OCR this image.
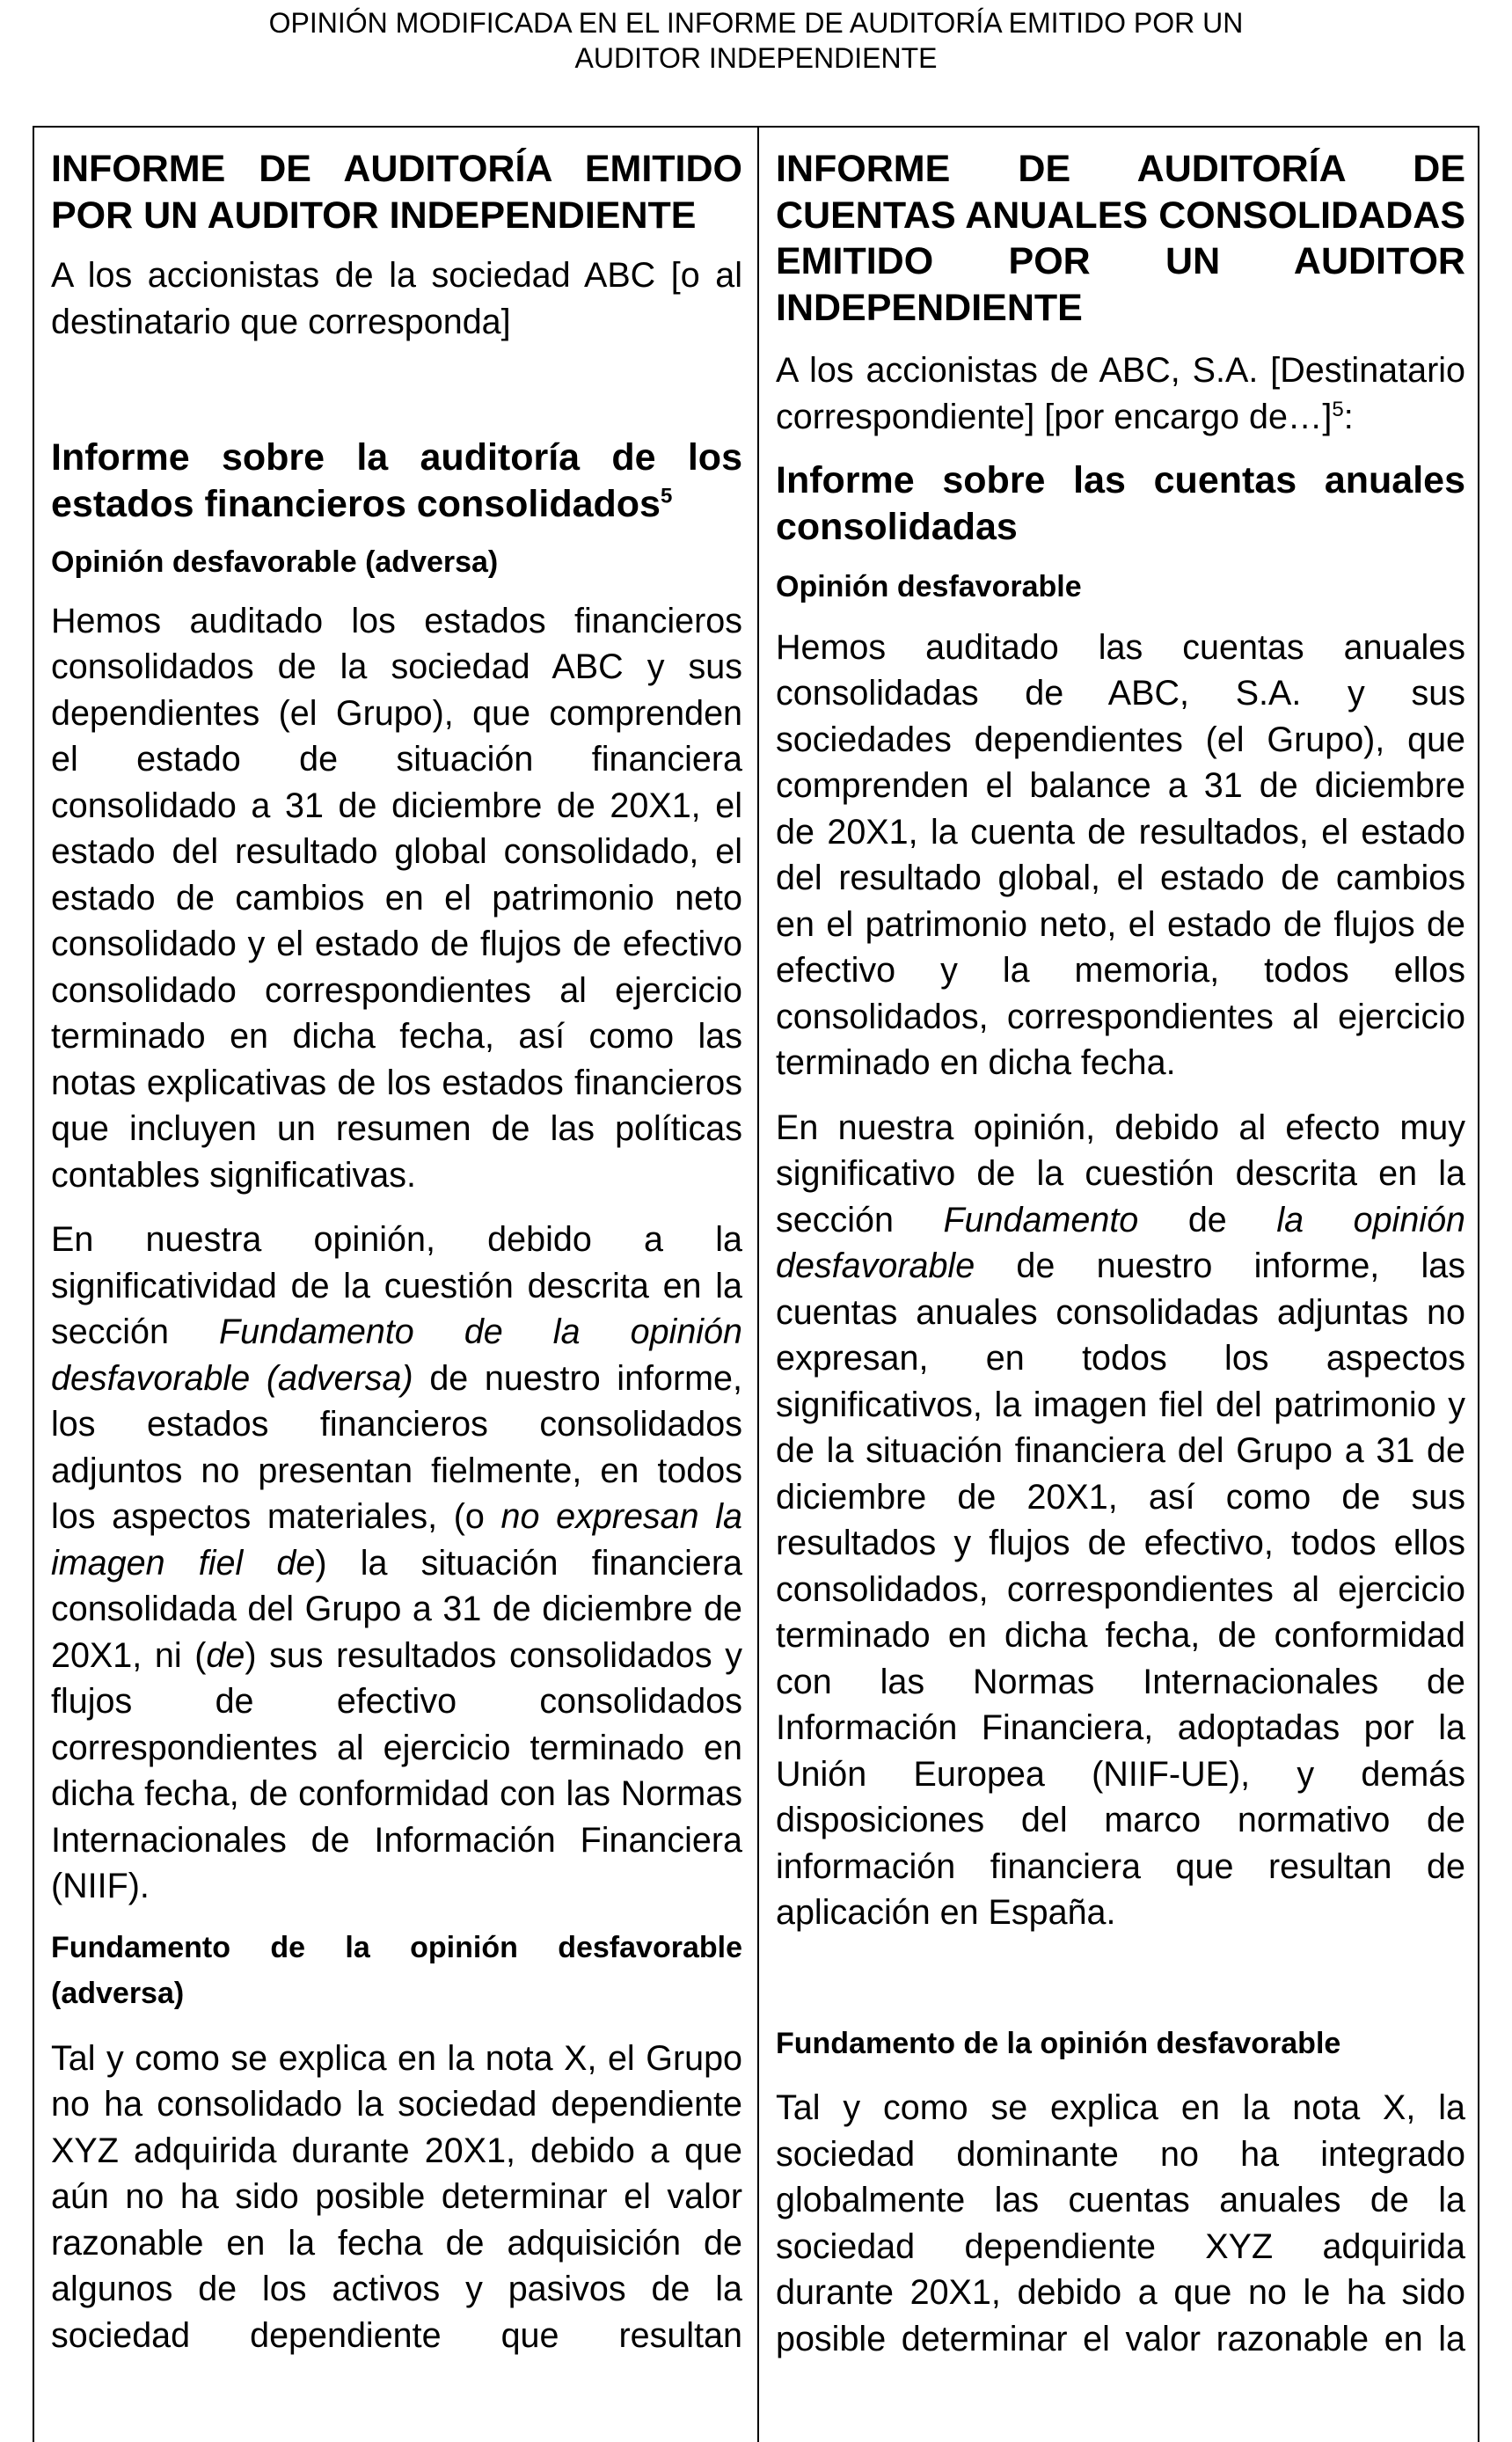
OPINIÓN MODIFICADA EN EL INFORME DE AUDITORÍA EMITIDO POR UN
AUDITOR INDEPENDIENTE

INFORME DE AUDITORÍA EMITIDO POR UN AUDITOR INDEPENDIENTE

A los accionistas de la sociedad ABC [o al destinatario que corresponda]

Informe sobre la auditoría de los estados financieros consolidados$^5$

Opinión desfavorable (adversa)

Hemos auditado los estados financieros consolidados de la sociedad ABC y sus dependientes (el Grupo), que comprenden el estado de situación financiera consolidado a 31 de diciembre de 20X1, el estado del resultado global consolidado, el estado de cambios en el patrimonio neto consolidado y el estado de flujos de efectivo consolidado correspondientes al ejercicio terminado en dicha fecha, así como las notas explicativas de los estados financieros que incluyen un resumen de las políticas contables significativas.

En nuestra opinión, debido a la significatividad de la cuestión descrita en la sección Fundamento de la opinión desfavorable (adversa) de nuestro informe, los estados financieros consolidados adjuntos no presentan fielmente, en todos los aspectos materiales, (o no expresan la imagen fiel de) la situación financiera consolidada del Grupo a 31 de diciembre de 20X1, ni (de) sus resultados consolidados y flujos de efectivo consolidados correspondientes al ejercicio terminado en dicha fecha, de conformidad con las Normas Internacionales de Información Financiera (NIIF).

Fundamento de la opinión desfavorable (adversa)

Tal y como se explica en la nota X, el Grupo no ha consolidado la sociedad dependiente XYZ adquirida durante 20X1, debido a que aún no ha sido posible determinar el valor razonable en la fecha de adquisición de algunos de los activos y pasivos de la sociedad dependiente que resultan

INFORME DE AUDITORÍA DE CUENTAS ANUALES CONSOLIDADAS EMITIDO POR UN AUDITOR INDEPENDIENTE

A los accionistas de ABC, S.A. [Destinatario correspondiente] [por encargo de…]$^5$:

Informe sobre las cuentas anuales consolidadas

Opinión desfavorable

Hemos auditado las cuentas anuales consolidadas de ABC, S.A. y sus sociedades dependientes (el Grupo), que comprenden el balance a 31 de diciembre de 20X1, la cuenta de resultados, el estado del resultado global, el estado de cambios en el patrimonio neto, el estado de flujos de efectivo y la memoria, todos ellos consolidados, correspondientes al ejercicio terminado en dicha fecha.

En nuestra opinión, debido al efecto muy significativo de la cuestión descrita en la sección Fundamento de la opinión desfavorable de nuestro informe, las cuentas anuales consolidadas adjuntas no expresan, en todos los aspectos significativos, la imagen fiel del patrimonio y de la situación financiera del Grupo a 31 de diciembre de 20X1, así como de sus resultados y flujos de efectivo, todos ellos consolidados, correspondientes al ejercicio terminado en dicha fecha, de conformidad con las Normas Internacionales de Información Financiera, adoptadas por la Unión Europea (NIIF-UE), y demás disposiciones del marco normativo de información financiera que resultan de aplicación en España.

Fundamento de la opinión desfavorable

Tal y como se explica en la nota X, la sociedad dominante no ha integrado globalmente las cuentas anuales de la sociedad dependiente XYZ adquirida durante 20X1, debido a que no le ha sido posible determinar el valor razonable en la
